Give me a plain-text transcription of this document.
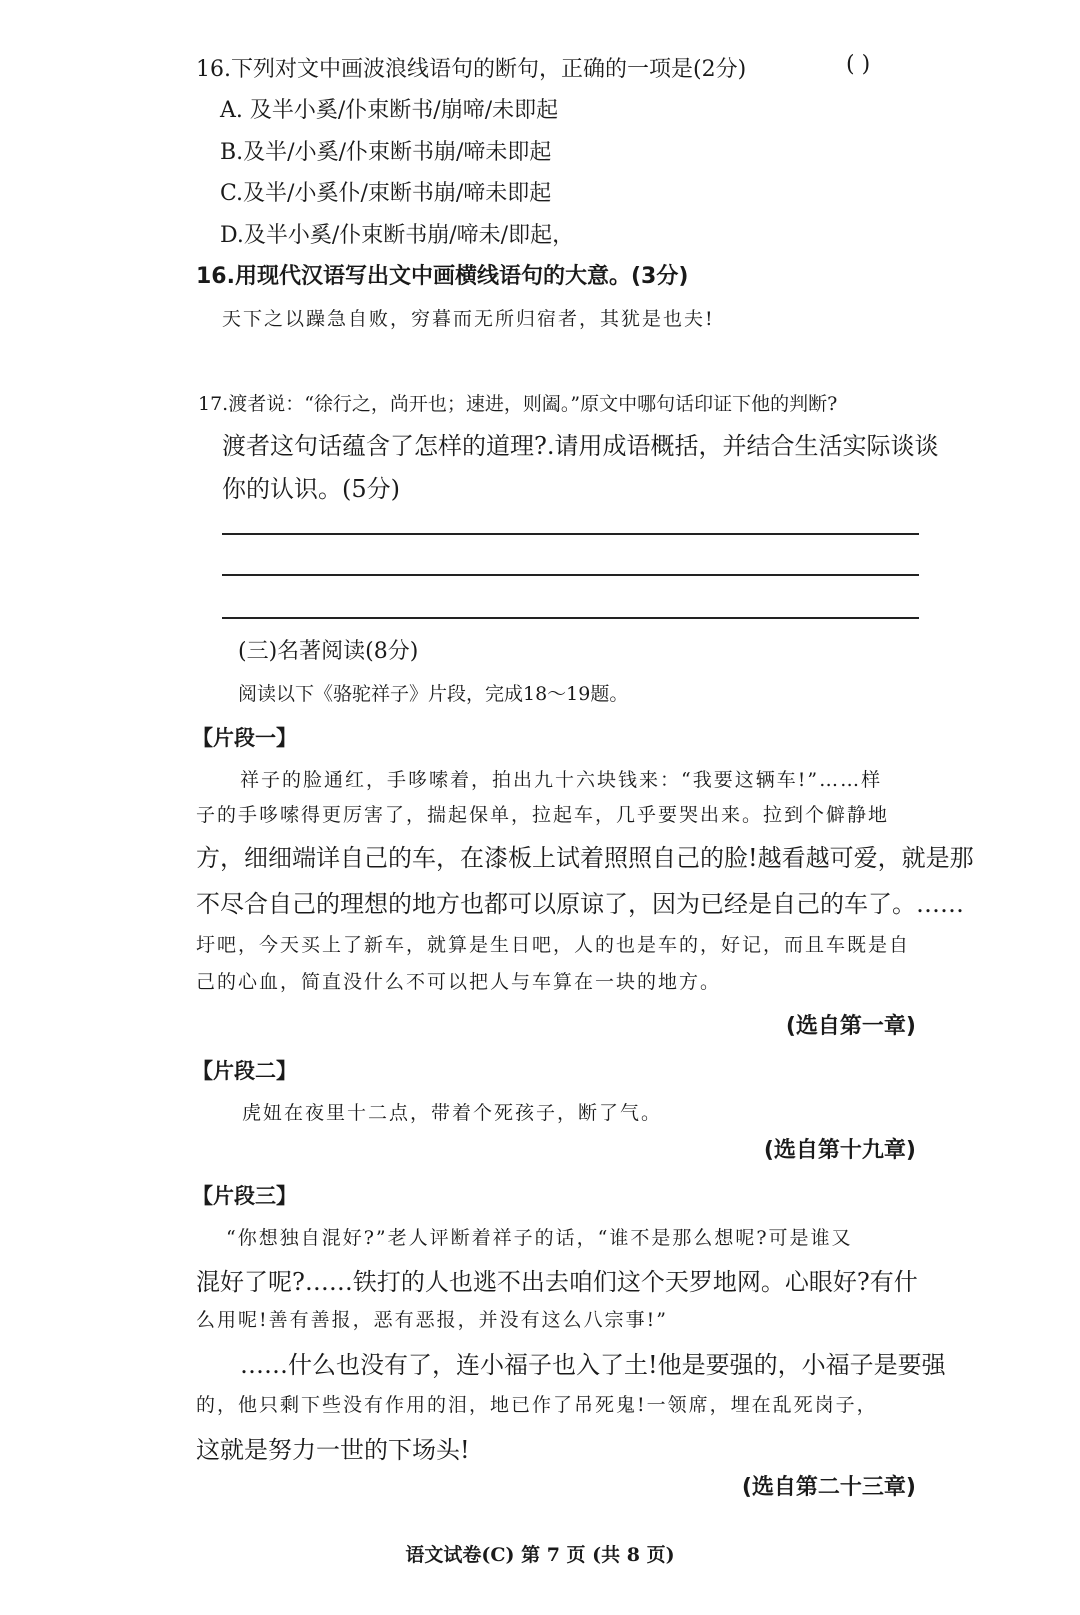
16.下列对文中画波浪线语句的断句，正确的一项是(2分)	( )
A. 及半小奚/仆束断书/崩啼/未即起
B.及半/小奚/仆束断书崩/啼未即起
C.及半/小奚仆/束断书崩/啼未即起
D.及半小奚/仆束断书崩/啼未/即起，
16.用现代汉语写出文中画横线语句的大意。(3分)
天下之以躁急自败，穷暮而无所归宿者，其犹是也夫!
17.渡者说：“徐行之，尚开也；速进，则阖。”原文中哪句话印证下他的判断?
渡者这句话蕴含了怎样的道理?.请用成语概括，并结合生活实际谈谈
你的认识。(5分)
(三)名著阅读(8分)
阅读以下《骆驼祥子》片段，完成18～19题。
【片段一】
祥子的脸通红，手哆嗦着，拍出九十六块钱来：“我要这辆车!”……样
子的手哆嗦得更厉害了，揣起保单，拉起车，几乎要哭出来。拉到个僻静地
方，细细端详自己的车，在漆板上试着照照自己的脸!越看越可爱，就是那
不尽合自己的理想的地方也都可以原谅了，因为已经是自己的车了。……
圩吧，今天买上了新车，就算是生日吧，人的也是车的，好记，而且车既是自
己的心血，简直没什么不可以把人与车算在一块的地方。
(选自第一章)
【片段二】
虎妞在夜里十二点，带着个死孩子，断了气。
(选自第十九章)
【片段三】
“你想独自混好?”老人评断着祥子的话，“谁不是那么想呢?可是谁又
混好了呢?……铁打的人也逃不出去咱们这个天罗地网。心眼好?有什
么用呢!善有善报，恶有恶报，并没有这么八宗事!”
……什么也没有了，连小福子也入了土!他是要强的，小福子是要强
的，他只剩下些没有作用的泪，地已作了吊死鬼!一领席，埋在乱死岗子，
这就是努力一世的下场头!
(选自第二十三章)
语文试卷(C) 第 7 页 (共 8 页)
